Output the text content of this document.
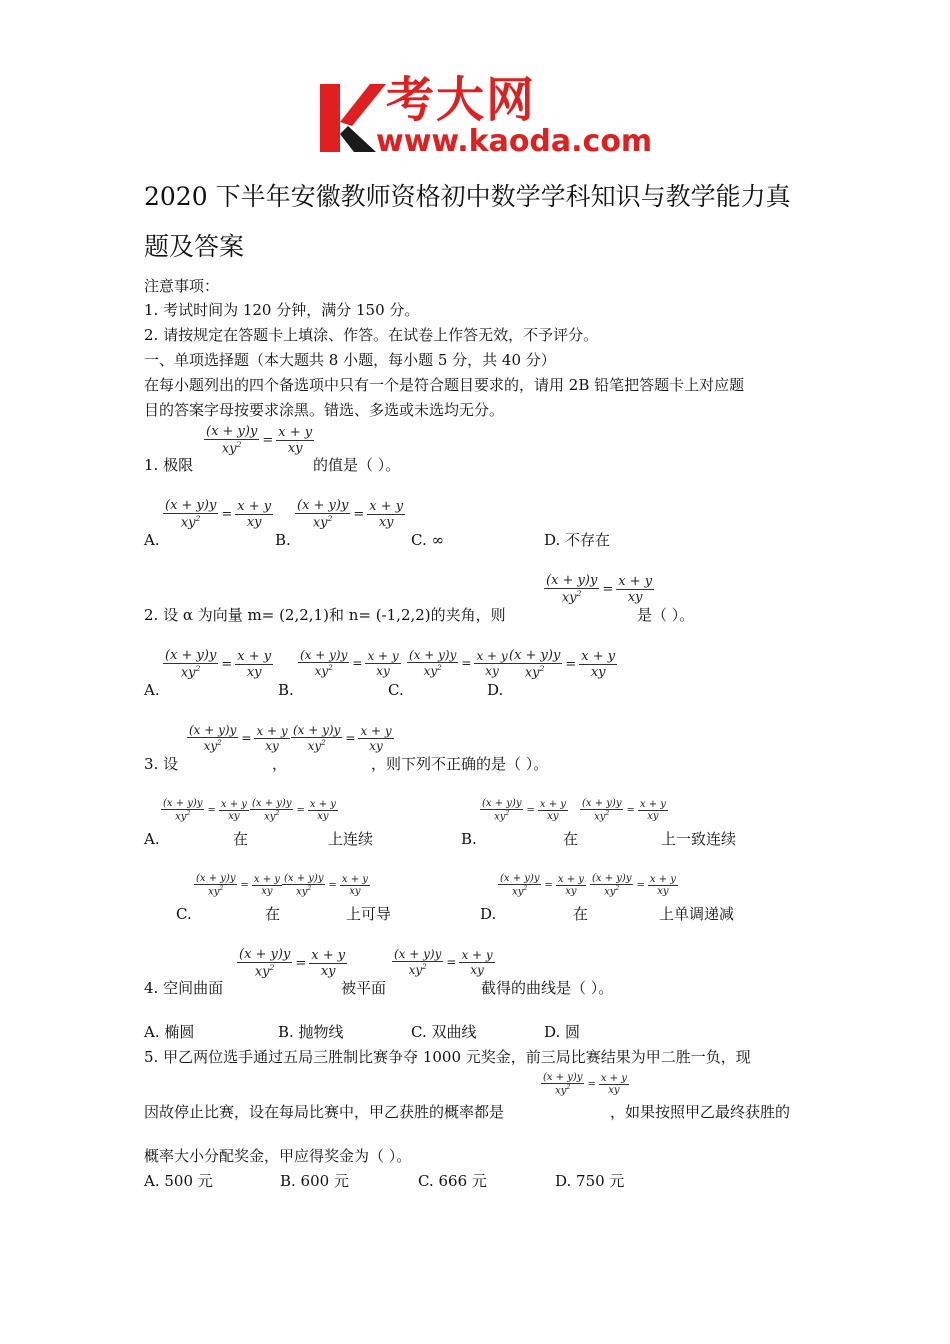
考大网
www.kaoda.com
2020 下半年安徽教师资格初中数学学科知识与教学能力真
题及答案
注意事项：
1. 考试时间为 120 分钟，满分 150 分。
2. 请按规定在答题卡上填涂、作答。在试卷上作答无效，不予评分。
一、单项选择题（本大题共 8 小题，每小题 5 分，共 40 分）
在每小题列出的四个备选项中只有一个是符合题目要求的，请用 2B 铅笔把答题卡上对应题
目的答案字母按要求涂黑。错选、多选或未选均无分。
1. 极限
$\frac{(x + y)y}{xy^2} = \frac{x + y}{xy}$
的值是（ ）。
A.
$\frac{(x + y)y}{xy^2} = \frac{x + y}{xy}$
B.
$\frac{(x + y)y}{xy^2} = \frac{x + y}{xy}$
C. ∞	D. 不存在
2. 设 α 为向量 m= (2,2,1)和 n= (-1,2,2)的夹角，则
$\frac{(x + y)y}{xy^2} = \frac{x + y}{xy}$
是（ ）。
A.
$\frac{(x + y)y}{xy^2} = \frac{x + y}{xy}$
B.
$\frac{(x + y)y}{xy^2} = \frac{x + y}{xy}$
C.
$\frac{(x + y)y}{xy^2} = \frac{x + y}{xy}$
D.
$\frac{(x + y)y}{xy^2} = \frac{x + y}{xy}$
3. 设
$\frac{(x + y)y}{xy^2} = \frac{x + y}{xy}$
，
$\frac{(x + y)y}{xy^2} = \frac{x + y}{xy}$
，则下列不正确的是（ ）。
A.
$\frac{(x + y)y}{xy^2} = \frac{x + y}{xy}$
在
$\frac{(x + y)y}{xy^2} = \frac{x + y}{xy}$
上连续	B.
$\frac{(x + y)y}{xy^2} = \frac{x + y}{xy}$
在
$\frac{(x + y)y}{xy^2} = \frac{x + y}{xy}$
上一致连续
C.
$\frac{(x + y)y}{xy^2} = \frac{x + y}{xy}$
在
$\frac{(x + y)y}{xy^2} = \frac{x + y}{xy}$
上可导	D.
$\frac{(x + y)y}{xy^2} = \frac{x + y}{xy}$
在
$\frac{(x + y)y}{xy^2} = \frac{x + y}{xy}$
上单调递减
4. 空间曲面
$\frac{(x + y)y}{xy^2} = \frac{x + y}{xy}$
被平面
$\frac{(x + y)y}{xy^2} = \frac{x + y}{xy}$
截得的曲线是（ ）。
A. 椭圆	B. 抛物线	C. 双曲线	D. 圆
5. 甲乙两位选手通过五局三胜制比赛争夺 1000 元奖金，前三局比赛结果为甲二胜一负，现
因故停止比赛，设在每局比赛中，甲乙获胜的概率都是
$\frac{(x + y)y}{xy^2} = \frac{x + y}{xy}$
，如果按照甲乙最终获胜的
概率大小分配奖金，甲应得奖金为（ ）。
A. 500 元	B. 600 元	C. 666 元	D. 750 元
